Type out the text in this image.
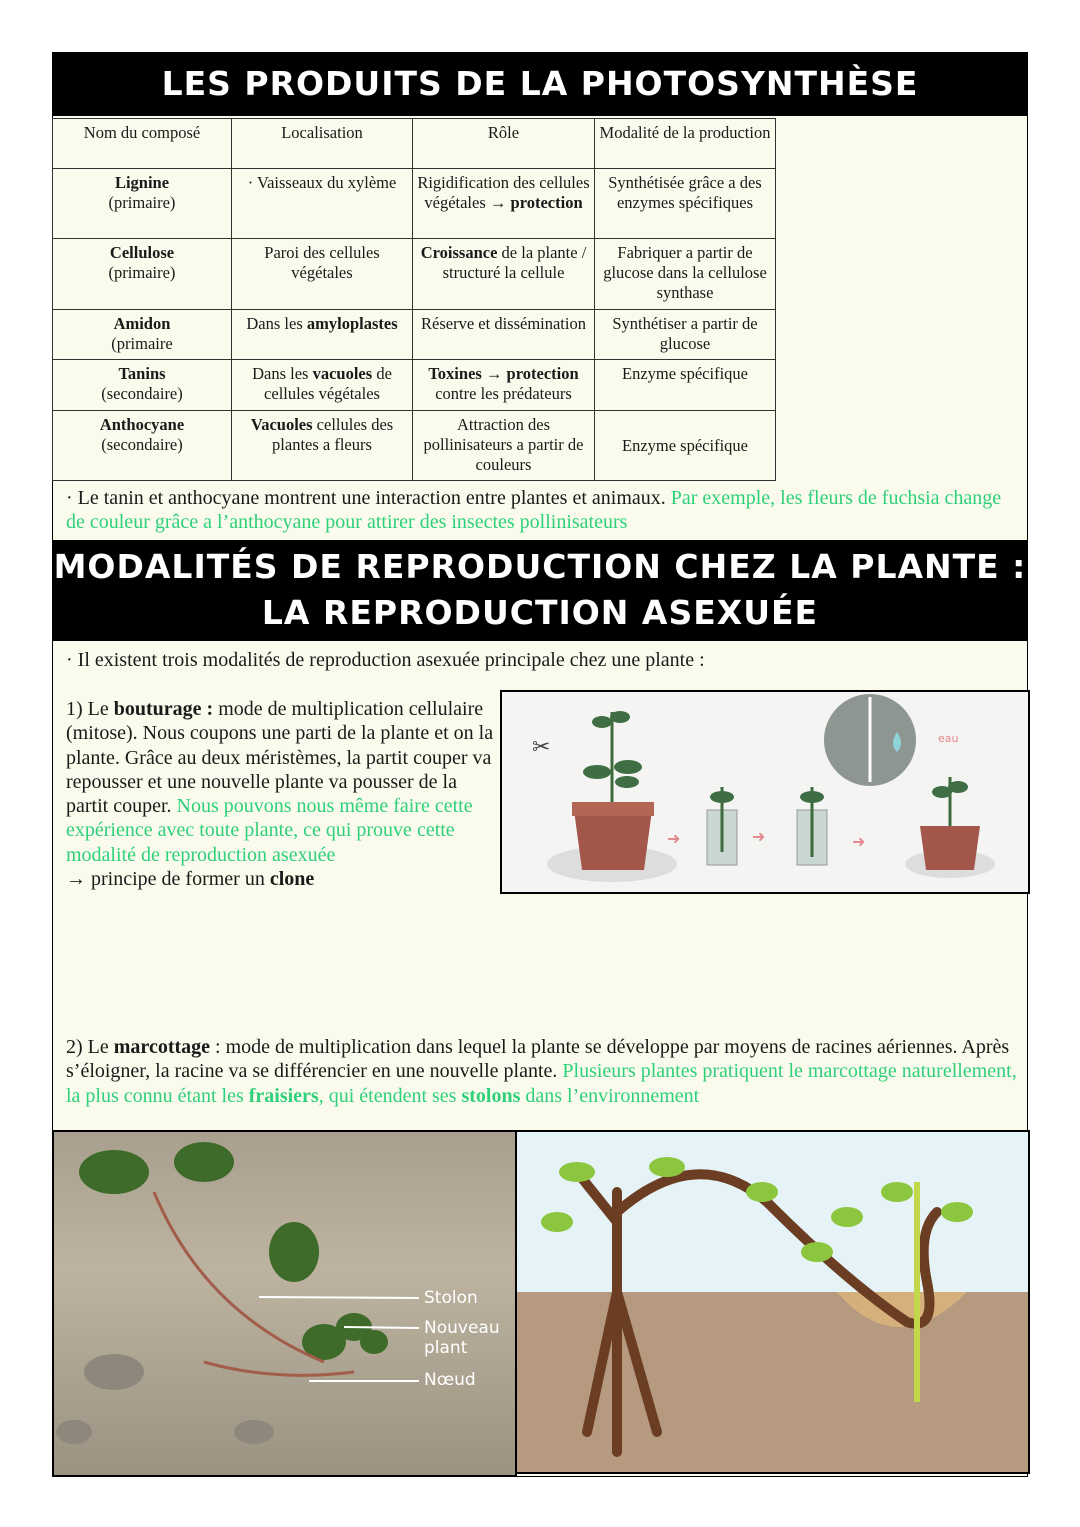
LES PRODUITS DE LA PHOTOSYNTHÈSE
Nom du composé	Localisation	Rôle	Modalité de la production
Lignine
(primaire)	· Vaisseaux du xylème	Rigidification des cellules végétales → protection	Synthétisée grâce a des enzymes spécifiques
Cellulose
(primaire)	Paroi des cellules végétales	Croissance de la plante / structuré la cellule	Fabriquer a partir de glucose dans la cellulose synthase
Amidon
(primaire	Dans les amyloplastes	Réserve et dissémination	Synthétiser a partir de glucose
Tanins
(secondaire)	Dans les vacuoles de cellules végétales	Toxines → protection contre les prédateurs	Enzyme spécifique
Anthocyane
(secondaire)	Vacuoles cellules des plantes a fleurs	Attraction des pollinisateurs a partir de couleurs	Enzyme spécifique
· Le tanin et anthocyane montrent une interaction entre plantes et animaux. Par exemple, les fleurs de fuchsia change de couleur grâce a l’anthocyane pour attirer des insectes pollinisateurs
MODALITÉS DE REPRODUCTION CHEZ LA PLANTE :
LA REPRODUCTION ASEXUÉE
· Il existent trois modalités de reproduction asexuée principale chez une plante :
1) Le bouturage : mode de multiplication cellulaire (mitose). Nous coupons une parti de la plante et on la plante. Grâce au deux méristèmes, la partit couper va repousser et une nouvelle plante va pousser de la partit couper. Nous pouvons nous même faire cette expérience avec toute plante, ce qui prouve cette modalité de reproduction asexuée
→ principe de former un clone
✂	eau
➜	➜	➜
2) Le marcottage : mode de multiplication dans lequel la plante se développe par moyens de racines aériennes. Après s’éloigner, la racine va se différencier en une nouvelle plante. Plusieurs plantes pratiquent le marcottage naturellement, la plus connu étant les fraisiers, qui étendent ses stolons dans l’environnement
Stolon
Nouveau plant
Nœud
